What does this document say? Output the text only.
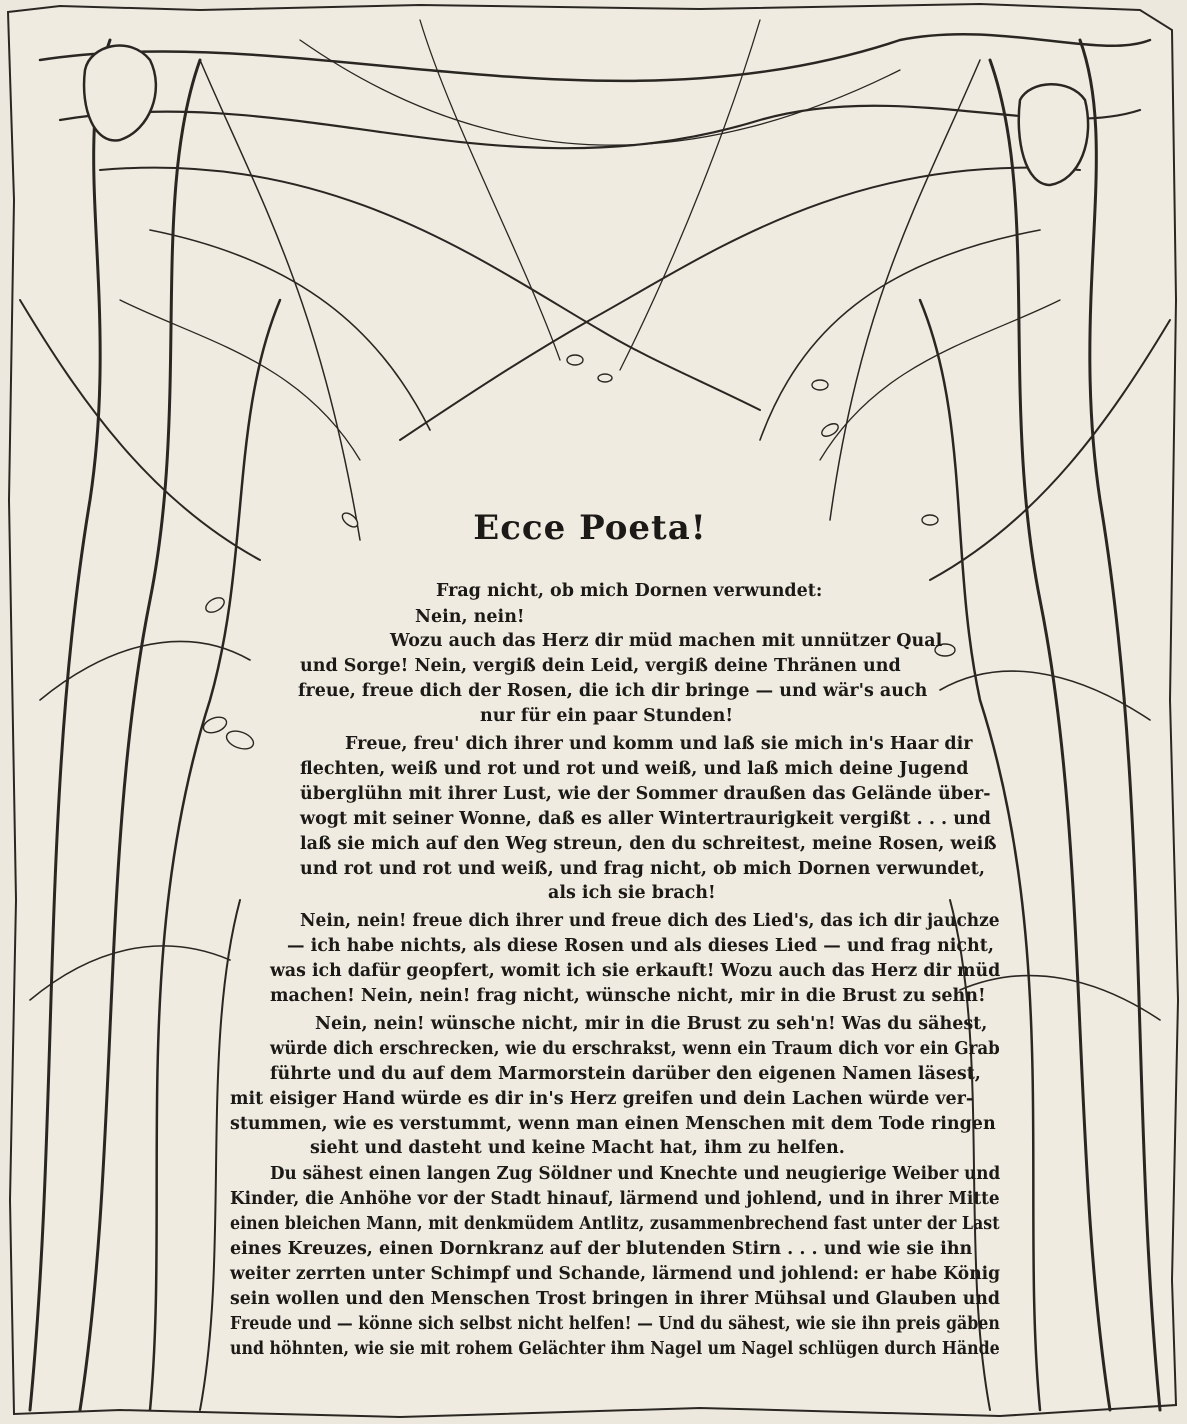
Ecce Poeta!

Frag nicht, ob mich Dornen verwundet:

Nein, nein!

Wozu auch das Herz dir müd machen mit unnützer Qual

und Sorge! Nein, vergiß dein Leid, vergiß deine Thränen und

freue, freue dich der Rosen, die ich dir bringe — und wär's auch

nur für ein paar Stunden!

Freue, freu' dich ihrer und komm und laß sie mich in's Haar dir

flechten, weiß und rot und rot und weiß, und laß mich deine Jugend

überglühn mit ihrer Lust, wie der Sommer draußen das Gelände über-

wogt mit seiner Wonne, daß es aller Wintertraurigkeit vergißt . . . und

laß sie mich auf den Weg streun, den du schreitest, meine Rosen, weiß

und rot und rot und weiß, und frag nicht, ob mich Dornen verwundet,

als ich sie brach!

Nein, nein! freue dich ihrer und freue dich des Lied's, das ich dir jauchze

— ich habe nichts, als diese Rosen und als dieses Lied — und frag nicht,

was ich dafür geopfert, womit ich sie erkauft! Wozu auch das Herz dir müd

machen! Nein, nein! frag nicht, wünsche nicht, mir in die Brust zu sehn!

Nein, nein! wünsche nicht, mir in die Brust zu seh'n! Was du sähest,

würde dich erschrecken, wie du erschrakst, wenn ein Traum dich vor ein Grab

führte und du auf dem Marmorstein darüber den eigenen Namen läsest,

mit eisiger Hand würde es dir in's Herz greifen und dein Lachen würde ver-

stummen, wie es verstummt, wenn man einen Menschen mit dem Tode ringen

sieht und dasteht und keine Macht hat, ihm zu helfen.

Du sähest einen langen Zug Söldner und Knechte und neugierige Weiber und

Kinder, die Anhöhe vor der Stadt hinauf, lärmend und johlend, und in ihrer Mitte

einen bleichen Mann, mit denkmüdem Antlitz, zusammenbrechend fast unter der Last

eines Kreuzes, einen Dornkranz auf der blutenden Stirn . . . und wie sie ihn

weiter zerrten unter Schimpf und Schande, lärmend und johlend: er habe König

sein wollen und den Menschen Trost bringen in ihrer Mühsal und Glauben und

Freude und — könne sich selbst nicht helfen! — Und du sähest, wie sie ihn preis gäben

und höhnten, wie sie mit rohem Gelächter ihm Nagel um Nagel schlügen durch Hände
